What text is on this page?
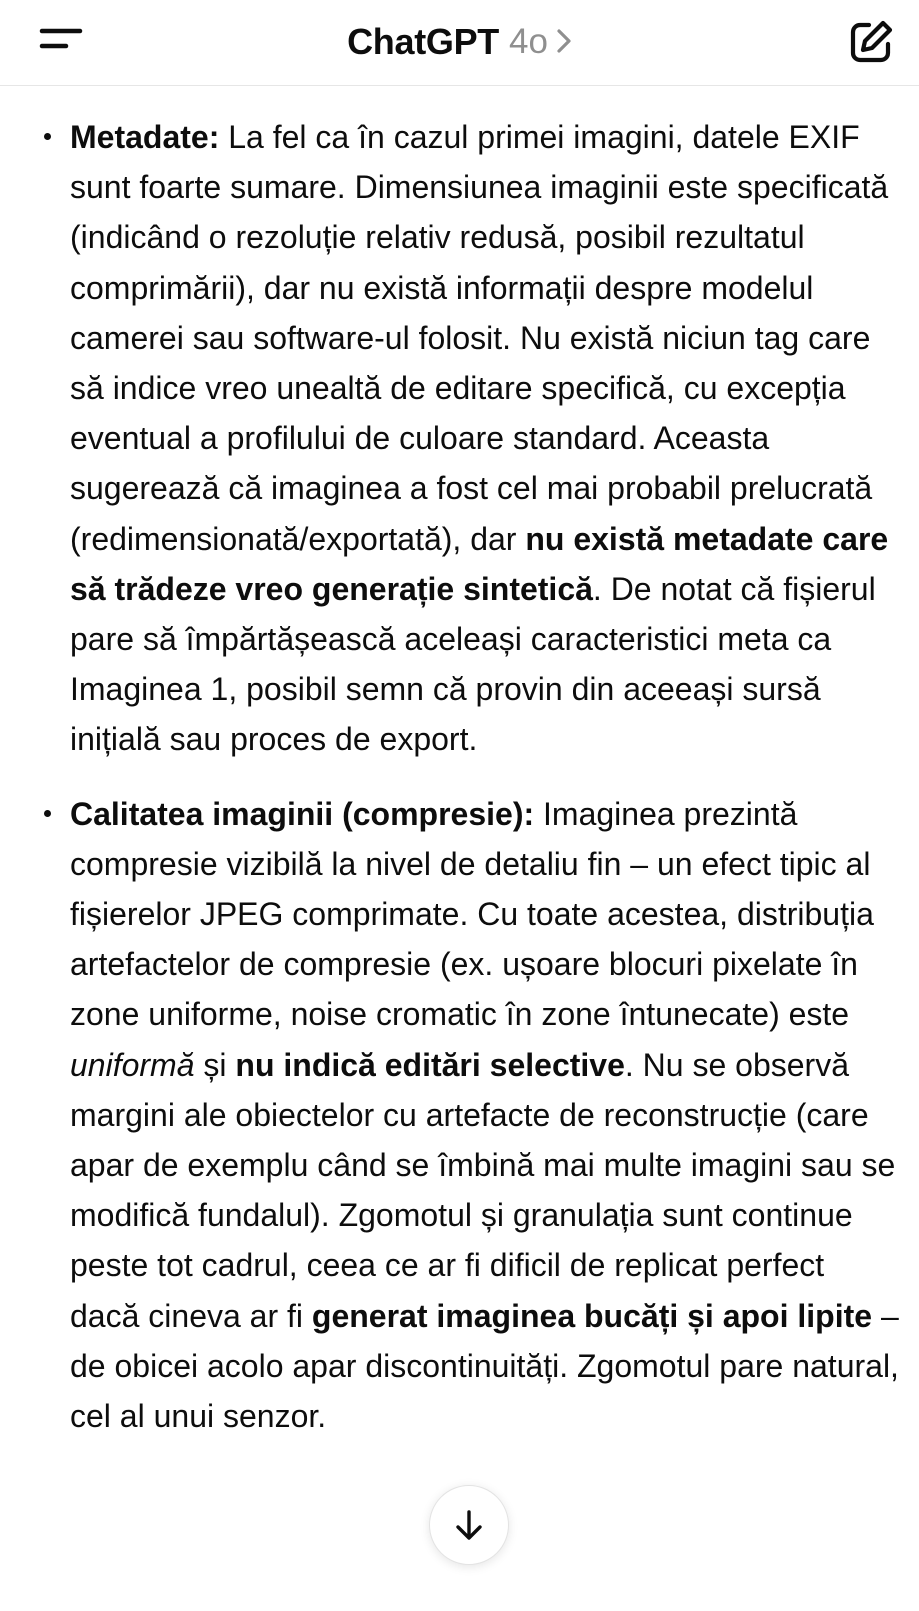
ChatGPT 4o
Metadate: La fel ca în cazul primei imagini, datele EXIF sunt foarte sumare. Dimensiunea imaginii este specificată (indicând o rezoluție relativ redusă, posibil rezultatul comprimării), dar nu există informații despre modelul camerei sau software-ul folosit. Nu există niciun tag care să indice vreo unealtă de editare specifică, cu excepția eventual a profilului de culoare standard. Aceasta sugerează că imaginea a fost cel mai probabil prelucrată (redimensionată/exportată), dar nu există metadate care să trădeze vreo generație sintetică. De notat că fișierul pare să împărtășească aceleași caracteristici meta ca Imaginea 1, posibil semn că provin din aceeași sursă inițială sau proces de export.
Calitatea imaginii (compresie): Imaginea prezintă compresie vizibilă la nivel de detaliu fin – un efect tipic al fișierelor JPEG comprimate. Cu toate acestea, distribuția artefactelor de compresie (ex. ușoare blocuri pixelate în zone uniforme, noise cromatic în zone întunecate) este uniformă și nu indică editări selective. Nu se observă margini ale obiectelor cu artefacte de reconstrucție (care apar de exemplu când se îmbină mai multe imagini sau se modifică fundalul). Zgomotul și granulația sunt continue peste tot cadrul, ceea ce ar fi dificil de replicat perfect dacă cineva ar fi generat imaginea bucăți și apoi lipite – de obicei acolo apar discontinuități. Zgomotul pare natural, cel al unui senzor.
